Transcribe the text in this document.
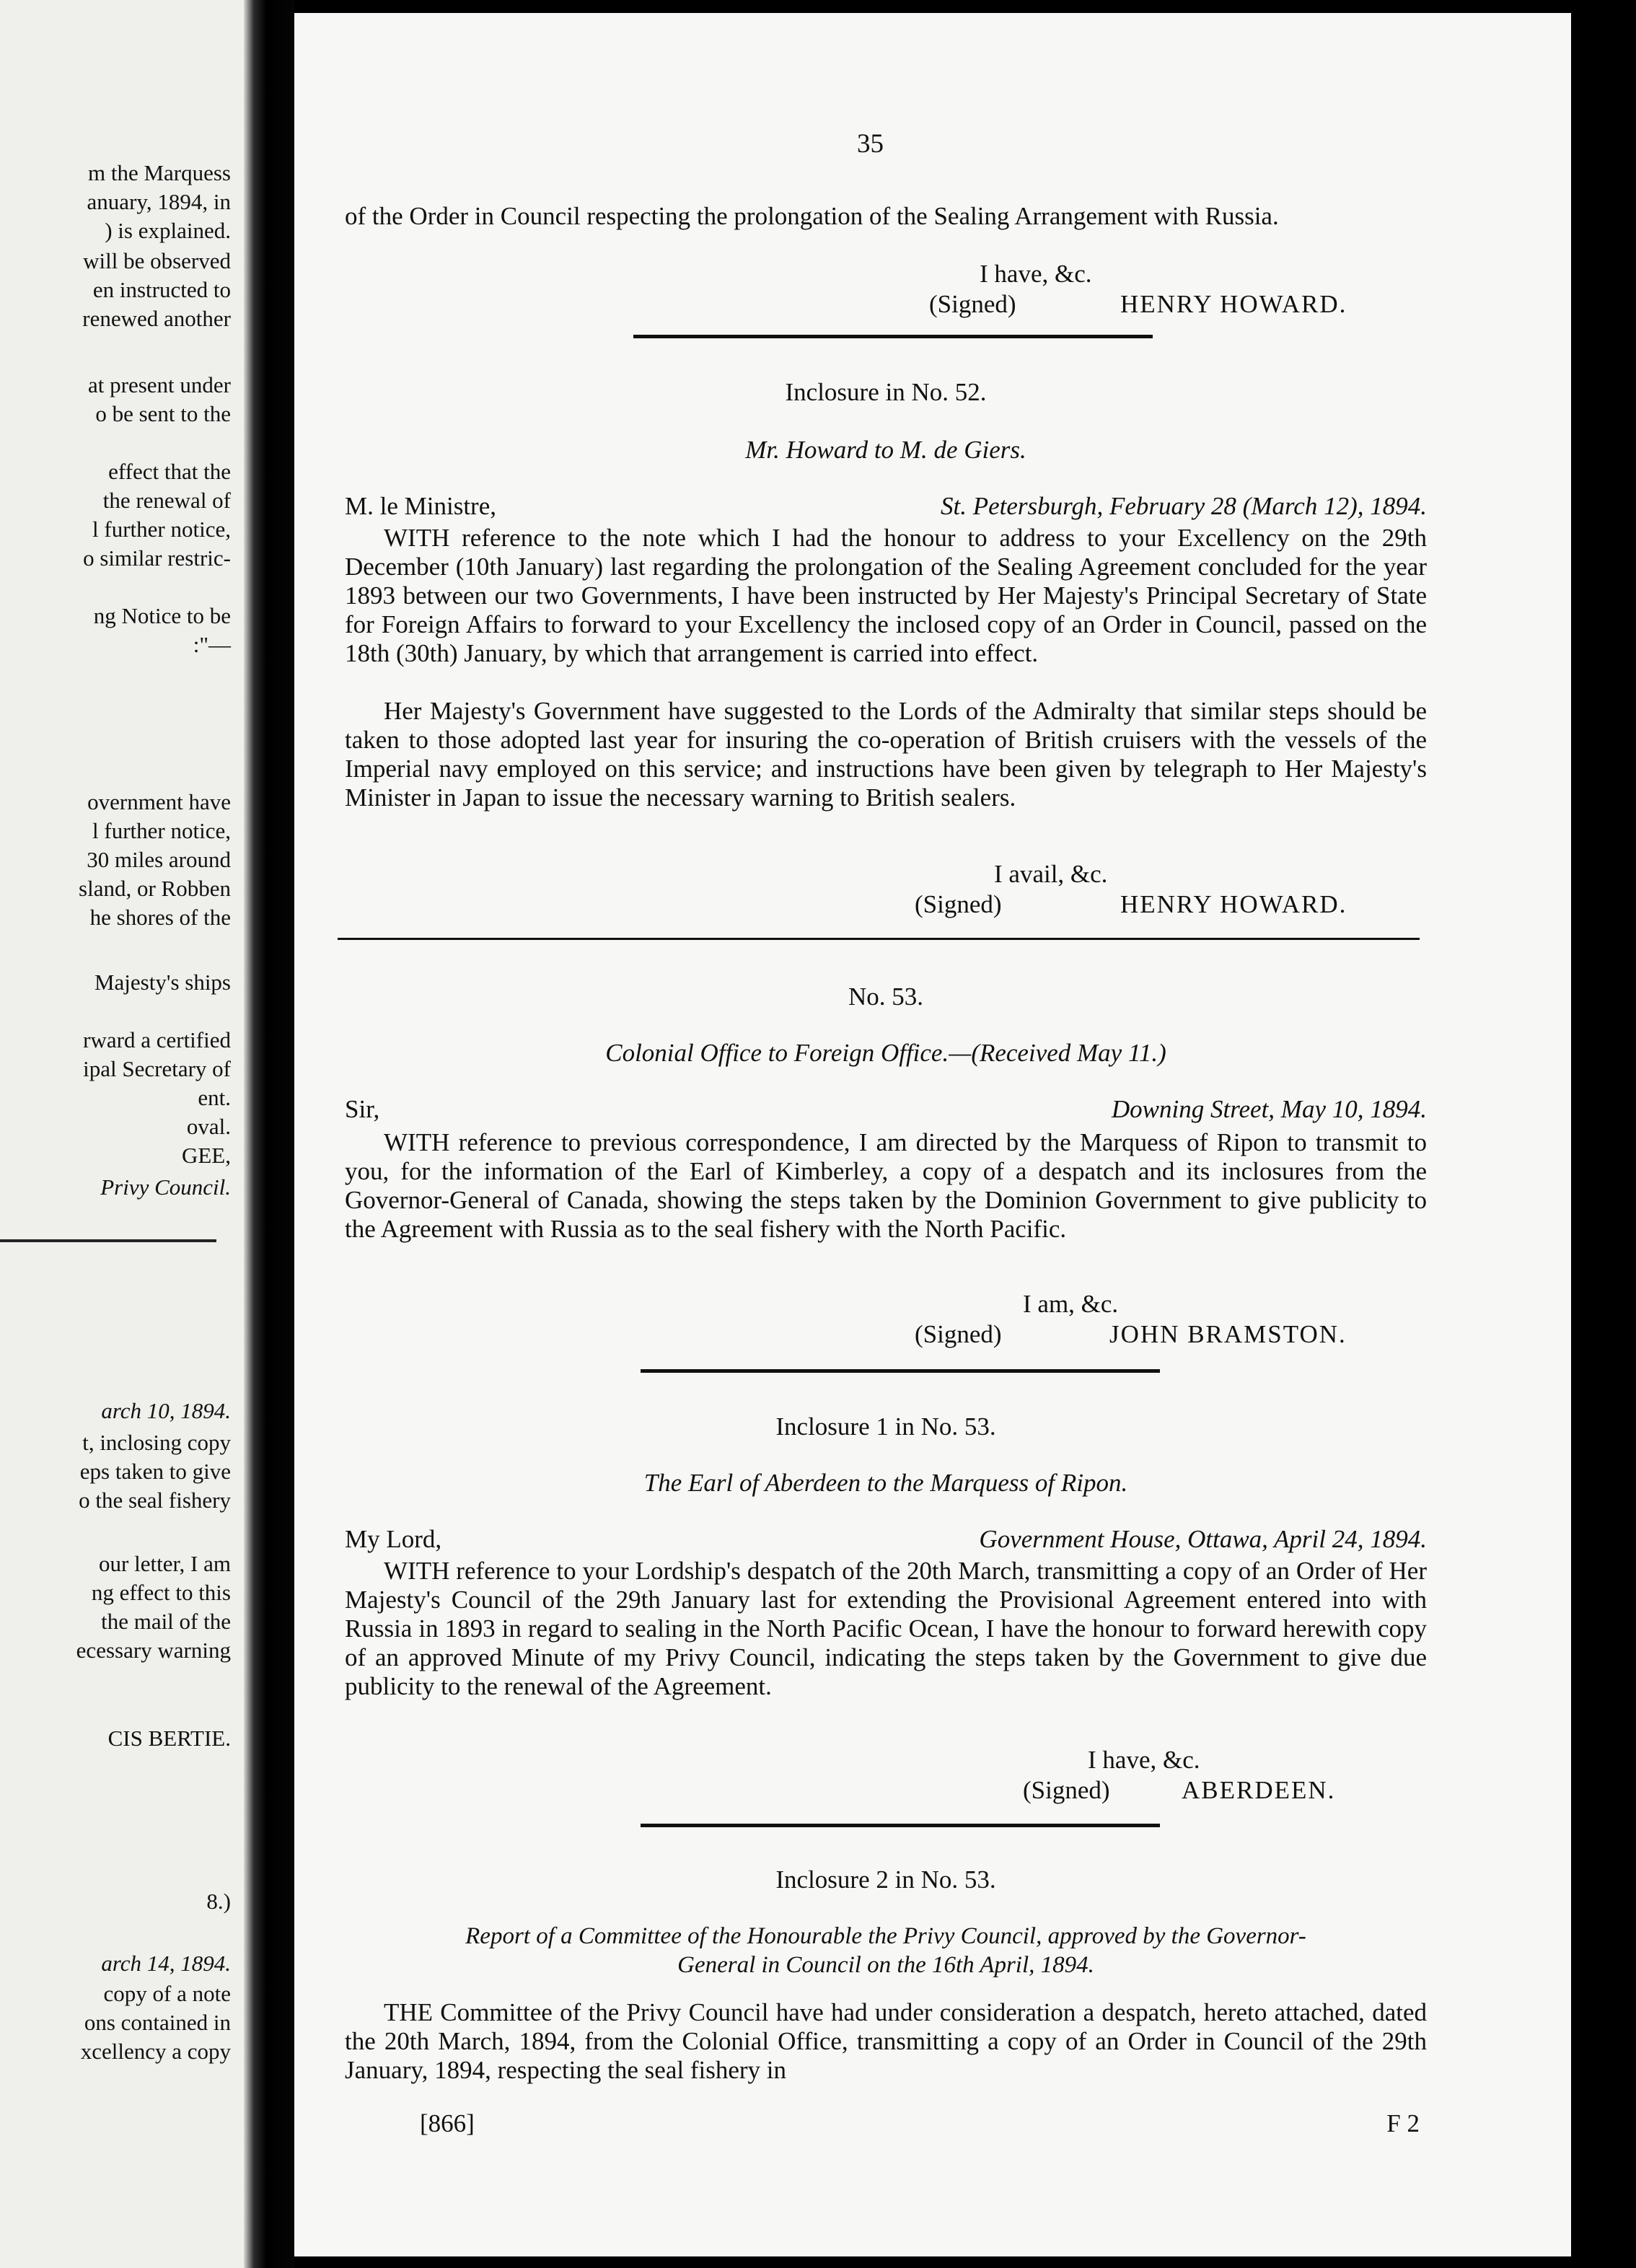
m the Marquess
anuary, 1894, in
) is explained.
will be observed
en instructed to
renewed another
at present under
o be sent to the
effect that the
the renewal of
l further notice,
o similar restric-
ng Notice to be
:"—
overnment have
l further notice,
30 miles around
sland, or Robben
he shores of the
Majesty's ships
rward a certified
ipal Secretary of
ent.
oval.
GEE,
Privy Council.
arch 10, 1894.
t, inclosing copy
eps taken to give
o the seal fishery
our letter, I am
ng effect to this
the mail of the
ecessary warning
CIS BERTIE.
8.)
arch 14, 1894.
copy of a note
ons contained in
xcellency a copy
35

of the Order in Council respecting the prolongation of the Sealing Arrangement with Russia.

I have, &c.
(Signed)	HENRY HOWARD.
Inclosure in No. 52.
Mr. Howard to M. de Giers.
M. le Ministre,	St. Petersburgh, February 28 (March 12), 1894.

WITH reference to the note which I had the honour to address to your Excellency on the 29th December (10th January) last regarding the prolongation of the Sealing Agreement concluded for the year 1893 between our two Governments, I have been instructed by Her Majesty's Principal Secretary of State for Foreign Affairs to forward to your Excellency the inclosed copy of an Order in Council, passed on the 18th (30th) January, by which that arrangement is carried into effect.

Her Majesty's Government have suggested to the Lords of the Admiralty that similar steps should be taken to those adopted last year for insuring the co-operation of British cruisers with the vessels of the Imperial navy employed on this service; and instructions have been given by telegraph to Her Majesty's Minister in Japan to issue the necessary warning to British sealers.

I avail, &c.
(Signed)	HENRY HOWARD.
No. 53.
Colonial Office to Foreign Office.—(Received May 11.)
Sir,	Downing Street, May 10, 1894.

WITH reference to previous correspondence, I am directed by the Marquess of Ripon to transmit to you, for the information of the Earl of Kimberley, a copy of a despatch and its inclosures from the Governor-General of Canada, showing the steps taken by the Dominion Government to give publicity to the Agreement with Russia as to the seal fishery with the North Pacific.

I am, &c.
(Signed)	JOHN BRAMSTON.
Inclosure 1 in No. 53.
The Earl of Aberdeen to the Marquess of Ripon.
My Lord,	Government House, Ottawa, April 24, 1894.

WITH reference to your Lordship's despatch of the 20th March, transmitting a copy of an Order of Her Majesty's Council of the 29th January last for extending the Provisional Agreement entered into with Russia in 1893 in regard to sealing in the North Pacific Ocean, I have the honour to forward herewith copy of an approved Minute of my Privy Council, indicating the steps taken by the Government to give due publicity to the renewal of the Agreement.

I have, &c.
(Signed)	ABERDEEN.
Inclosure 2 in No. 53.
Report of a Committee of the Honourable the Privy Council, approved by the Governor-
General in Council on the 16th April, 1894.

THE Committee of the Privy Council have had under consideration a despatch, hereto attached, dated the 20th March, 1894, from the Colonial Office, transmitting a copy of an Order in Council of the 29th January, 1894, respecting the seal fishery in

[866]	F 2
